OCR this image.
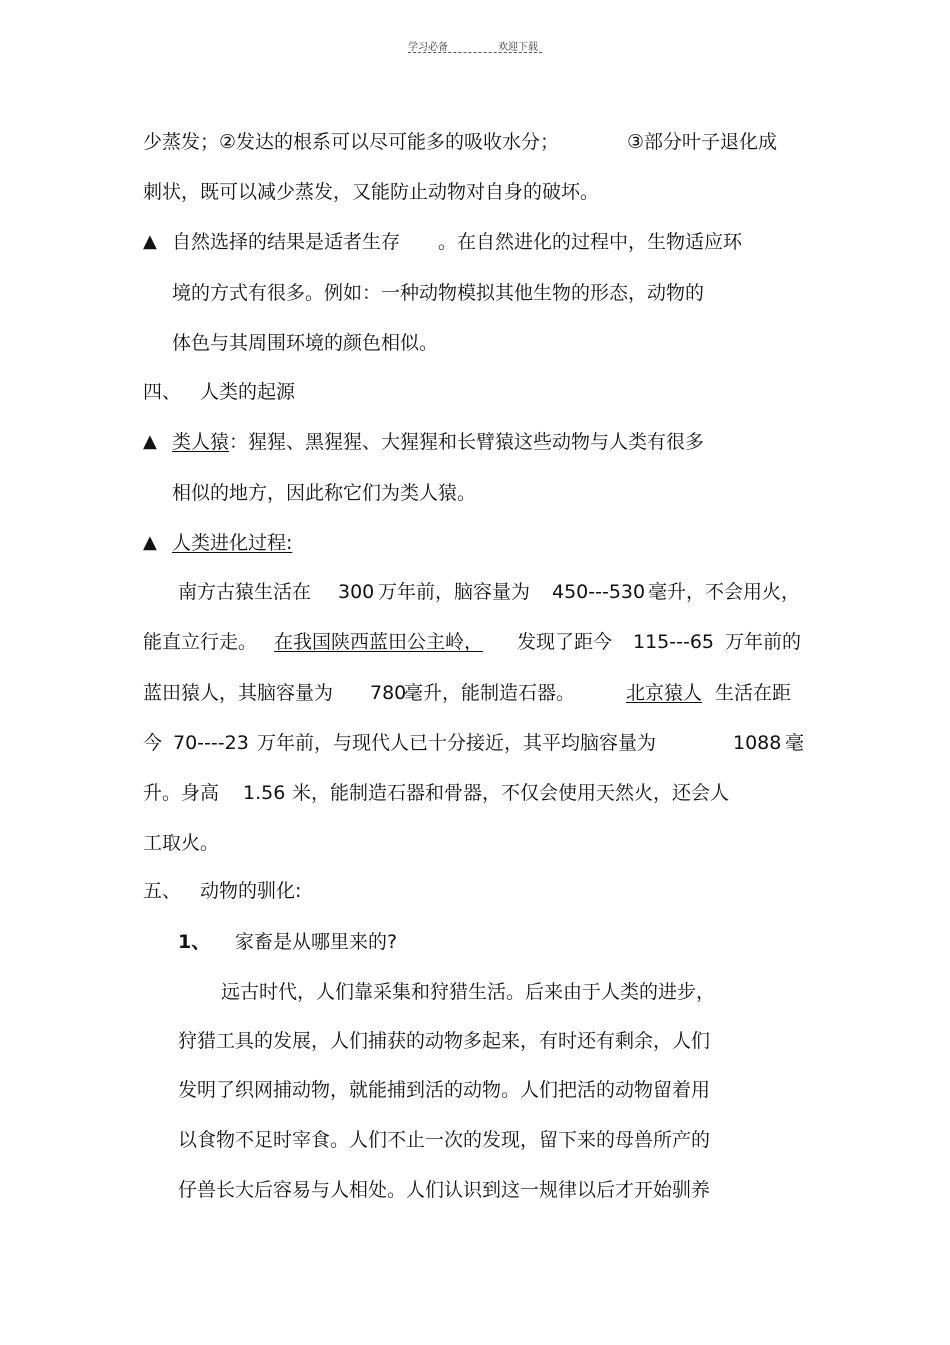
学习必备	欢迎下载
少蒸发；②发达的根系可以尽可能多的吸收水分；	③部分叶子退化成
刺状，既可以减少蒸发，又能防止动物对自身的破坏。
▲ 自然选择的结果是适者生存 。在自然进化的过程中，生物适应环
境的方式有很多。例如：一种动物模拟其他生物的形态，动物的
体色与其周围环境的颜色相似。
四、 人类的起源
▲ 类人猿 ：猩猩、黑猩猩、大猩猩和长臂猿这些动物与人类有很多
相似的地方，因此称它们为类人猿。
▲ 人类进化过程:
南方古猿生活在 300 万年前，脑容量为 450---530 毫升，不会用火，
能直立行走。 在我国陕西蓝田公主岭， 发现了距今 115---65 万年前的
蓝田猿人，其脑容量为 780
毫升，能制造石器。	北京猿人 生活在距
今 70----23 万年前，与现代人已十分接近，其平均脑容量为	1088 毫
升。身高 1.56 米，能制造石器和骨器，不仅会使用天然火，还会人
工取火。
五、 动物的驯化:
1、 家畜是从哪里来的?
远古时代，人们靠采集和狩猎生活。后来由于人类的进步，
狩猎工具的发展，人们捕获的动物多起来，有时还有剩余，人们
发明了织网捕动物，就能捕到活的动物。人们把活的动物留着用
以食物不足时宰食。人们不止一次的发现，留下来的母兽所产的
仔兽长大后容易与人相处。人们认识到这一规律以后才开始驯养
